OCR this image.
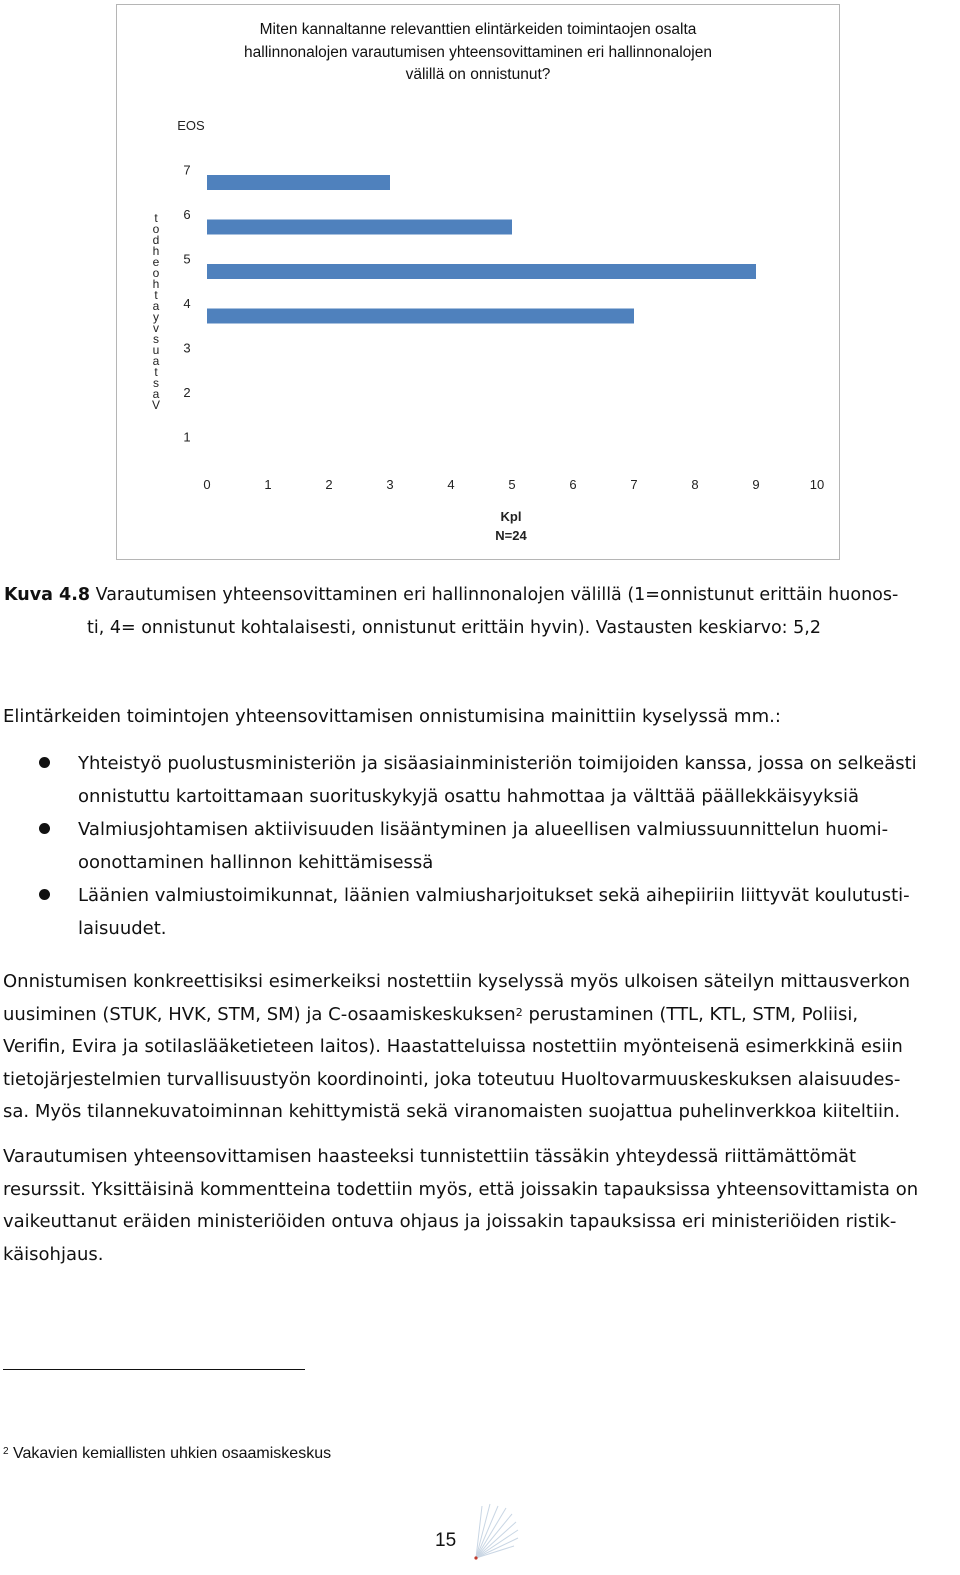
Miten kannaltanne relevanttien elintärkeiden toimintaojen osalta
hallinnonalojen varautumisen yhteensovittaminen eri hallinnonalojen
välillä on onnistunut?
EOS
7
6
5
4
3
2
1
0	1	2	3	4	5	6	7	8	9	10
t
o
d
h
e
o
h
t
a
y
v
s
u
a
t
s
a
V
Kpl
N=24
Kuva 4.8 Varautumisen yhteensovittaminen eri hallinnonalojen välillä (1=onnistunut erittäin huonos-
ti, 4= onnistunut kohtalaisesti, onnistunut erittäin hyvin). Vastausten keskiarvo: 5,2
Elintärkeiden toimintojen yhteensovittamisen onnistumisina mainittiin kyselyssä mm.:
Yhteistyö puolustusministeriön ja sisäasiainministeriön toimijoiden kanssa, jossa on selkeästi
onnistuttu kartoittamaan suorituskykyjä osattu hahmottaa ja välttää päällekkäisyyksiä
Valmiusjohtamisen aktiivisuuden lisääntyminen ja alueellisen valmiussuunnittelun huomi-
oonottaminen hallinnon kehittämisessä
Läänien valmiustoimikunnat, läänien valmiusharjoitukset sekä aihepiiriin liittyvät koulutusti-
laisuudet.
Onnistumisen konkreettisiksi esimerkeiksi nostettiin kyselyssä myös ulkoisen säteilyn mittausverkon
uusiminen (STUK, HVK, STM, SM) ja C-osaamiskeskuksen$^2$ perustaminen (TTL, KTL, STM, Poliisi,
Verifin, Evira ja sotilaslääketieteen laitos). Haastatteluissa nostettiin myönteisenä esimerkkinä esiin
tietojärjestelmien turvallisuustyön koordinointi, joka toteutuu Huoltovarmuuskeskuksen alaisuudes-
sa. Myös tilannekuvatoiminnan kehittymistä sekä viranomaisten suojattua puhelinverkkoa kiiteltiin.
Varautumisen yhteensovittamisen haasteeksi tunnistettiin tässäkin yhteydessä riittämättömät
resurssit. Yksittäisinä kommentteina todettiin myös, että joissakin tapauksissa yhteensovittamista on
vaikeuttanut eräiden ministeriöiden ontuva ohjaus ja joissakin tapauksissa eri ministeriöiden ristik-
käisohjaus.
$^2$ Vakavien kemiallisten uhkien osaamiskeskus
15
